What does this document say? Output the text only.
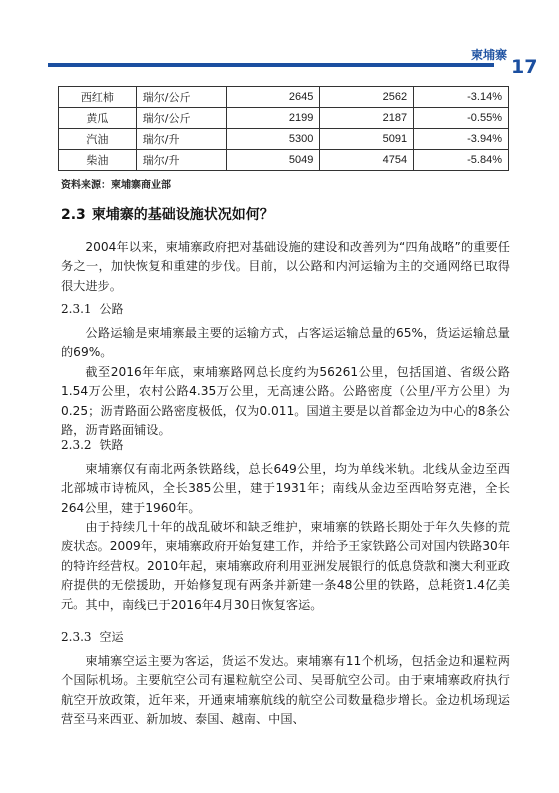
柬埔寨
17
西红柿	瑞尔/公斤	2645	2562	-3.14%
黄瓜	瑞尔/公斤	2199	2187	-0.55%
汽油	瑞尔/升	5300	5091	-3.94%
柴油	瑞尔/升	5049	4754	-5.84%
资料来源：柬埔寨商业部
2.3 柬埔寨的基础设施状况如何？

2004年以来，柬埔寨政府把对基础设施的建设和改善列为“四角战略”的重要任务之一，加快恢复和重建的步伐。目前，以公路和内河运输为主的交通网络已取得很大进步。

2.3.1 公路

公路运输是柬埔寨最主要的运输方式，占客运运输总量的65%，货运运输总量的69%。

截至2016年年底，柬埔寨路网总长度约为56261公里，包括国道、省级公路1.54万公里，农村公路4.35万公里，无高速公路。公路密度（公里/平方公里）为0.25；沥青路面公路密度极低，仅为0.011。国道主要是以首都金边为中心的8条公路，沥青路面铺设。

2.3.2 铁路

柬埔寨仅有南北两条铁路线，总长649公里，均为单线米轨。北线从金边至西北部城市诗梳风，全长385公里，建于1931年；南线从金边至西哈努克港，全长264公里，建于1960年。

由于持续几十年的战乱破坏和缺乏维护，柬埔寨的铁路长期处于年久失修的荒废状态。2009年，柬埔寨政府开始复建工作，并给予王家铁路公司对国内铁路30年的特许经营权。2010年起，柬埔寨政府利用亚洲发展银行的低息贷款和澳大利亚政府提供的无偿援助，开始修复现有两条并新建一条48公里的铁路，总耗资1.4亿美元。 其中，南线已于2016年4月30日恢复客运。

2.3.3 空运

柬埔寨空运主要为客运，货运不发达。柬埔寨有11个机场，包括金边和暹粒两个国际机场。主要航空公司有暹粒航空公司、吴哥航空公司。由于柬埔寨政府执行航空开放政策，近年来，开通柬埔寨航线的航空公司数量稳步增长。金边机场现运营至马来西亚、新加坡、泰国、越南、中国、
